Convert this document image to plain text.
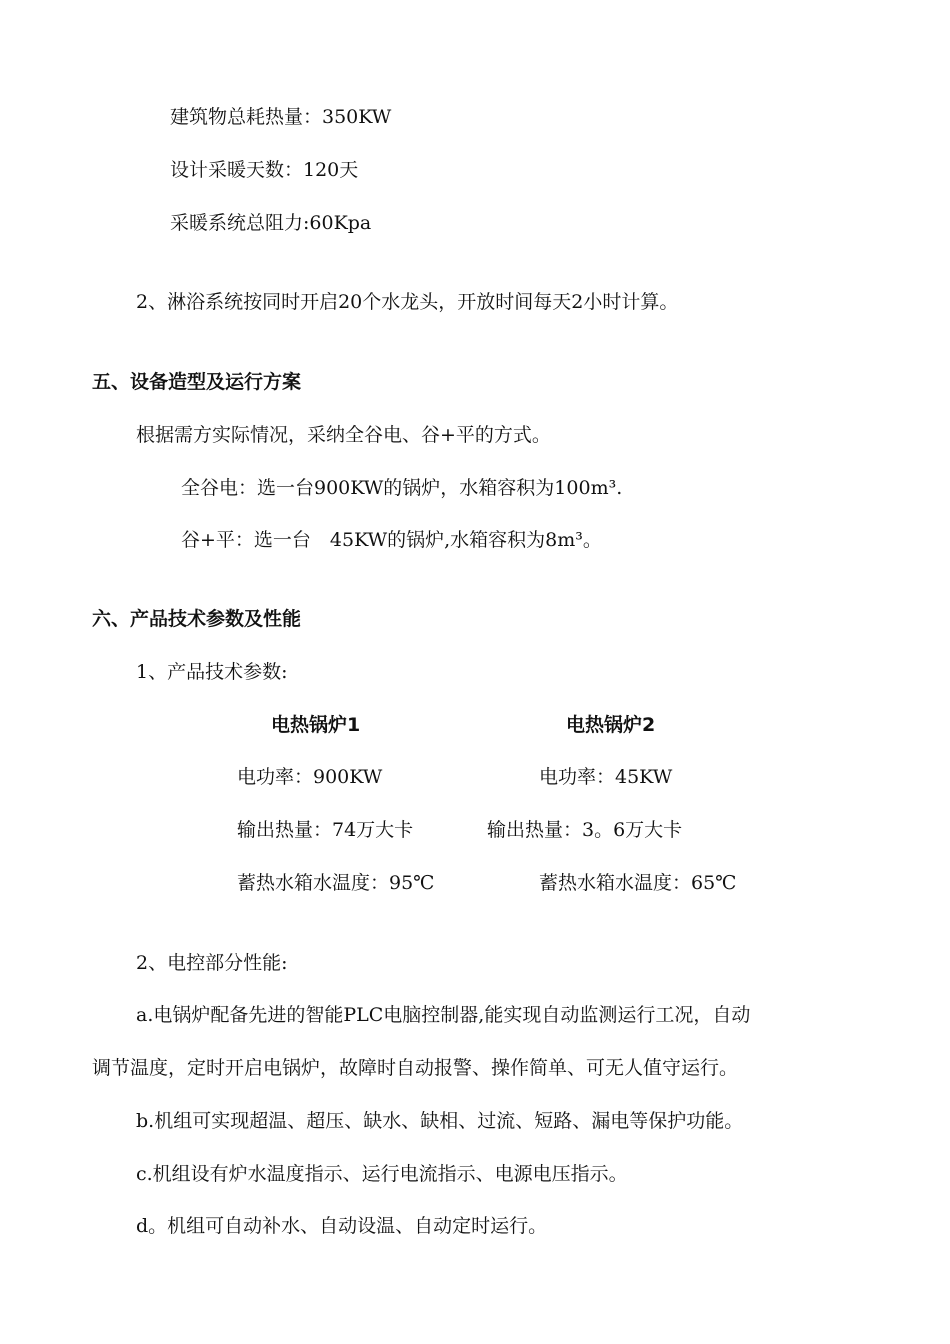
建筑物总耗热量：350KW
设计采暖天数：120天
采暖系统总阻力:60Kpa
2、淋浴系统按同时开启20个水龙头，开放时间每天2小时计算。
五、设备造型及运行方案
根据需方实际情况，采纳全谷电、谷+平的方式。
全谷电：选一台900KW的锅炉，水箱容积为100m³.
谷+平：选一台　45KW的锅炉,水箱容积为8m³。
六、产品技术参数及性能
1、产品技术参数:
电热锅炉1	电热锅炉2
电功率：900KW	电功率：45KW
输出热量：74万大卡	输出热量：3。6万大卡
蓄热水箱水温度：95℃	蓄热水箱水温度：65℃
2、电控部分性能:
a.电锅炉配备先进的智能PLC电脑控制器,能实现自动监测运行工况，自动
调节温度，定时开启电锅炉，故障时自动报警、操作简单、可无人值守运行。
b.机组可实现超温、超压、缺水、缺相、过流、短路、漏电等保护功能。
c.机组设有炉水温度指示、运行电流指示、电源电压指示。
d。机组可自动补水、自动设温、自动定时运行。
